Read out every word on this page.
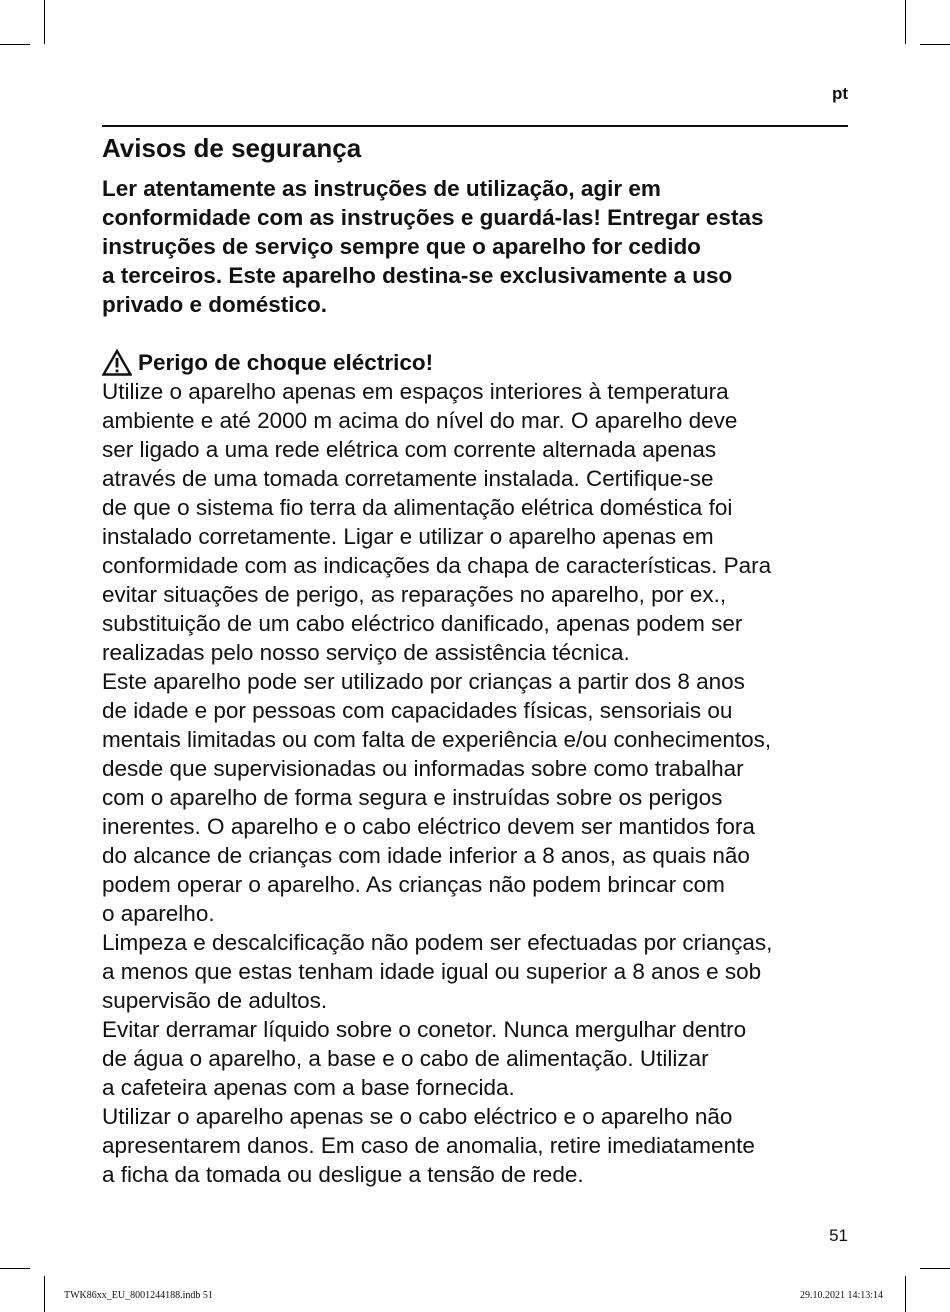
pt
Avisos de segurança

Ler atentamente as instruções de utilização, agir em
conformidade com as instruções e guardá-las! Entregar estas
instruções de serviço sempre que o aparelho for cedido
a terceiros. Este aparelho destina-se exclusivamente a uso
privado e doméstico.

Perigo de choque eléctrico!

Utilize o aparelho apenas em espaços interiores à temperatura
ambiente e até 2000 m acima do nível do mar. O aparelho deve
ser ligado a uma rede elétrica com corrente alternada apenas
através de uma tomada corretamente instalada. Certifique-se
de que o sistema fio terra da alimentação elétrica doméstica foi
instalado corretamente. Ligar e utilizar o aparelho apenas em
conformidade com as indicações da chapa de características. Para
evitar situações de perigo, as reparações no aparelho, por ex.,
substituição de um cabo eléctrico danificado, apenas podem ser
realizadas pelo nosso serviço de assistência técnica.
Este aparelho pode ser utilizado por crianças a partir dos 8 anos
de idade e por pessoas com capacidades físicas, sensoriais ou
mentais limitadas ou com falta de experiência e/ou conhecimentos,
desde que supervisionadas ou informadas sobre como trabalhar
com o aparelho de forma segura e instruídas sobre os perigos
inerentes. O aparelho e o cabo eléctrico devem ser mantidos fora
do alcance de crianças com idade inferior a 8 anos, as quais não
podem operar o aparelho. As crianças não podem brincar com
o aparelho.
Limpeza e descalcificação não podem ser efectuadas por crianças,
a menos que estas tenham idade igual ou superior a 8 anos e sob
supervisão de adultos.
Evitar derramar líquido sobre o conetor. Nunca mergulhar dentro
de água o aparelho, a base e o cabo de alimentação. Utilizar
a cafeteira apenas com a base fornecida.
Utilizar o aparelho apenas se o cabo eléctrico e o aparelho não
apresentarem danos. Em caso de anomalia, retire imediatamente
a ficha da tomada ou desligue a tensão de rede.

51
TWK86xx_EU_8001244188.indb 51	29.10.2021 14:13:14
